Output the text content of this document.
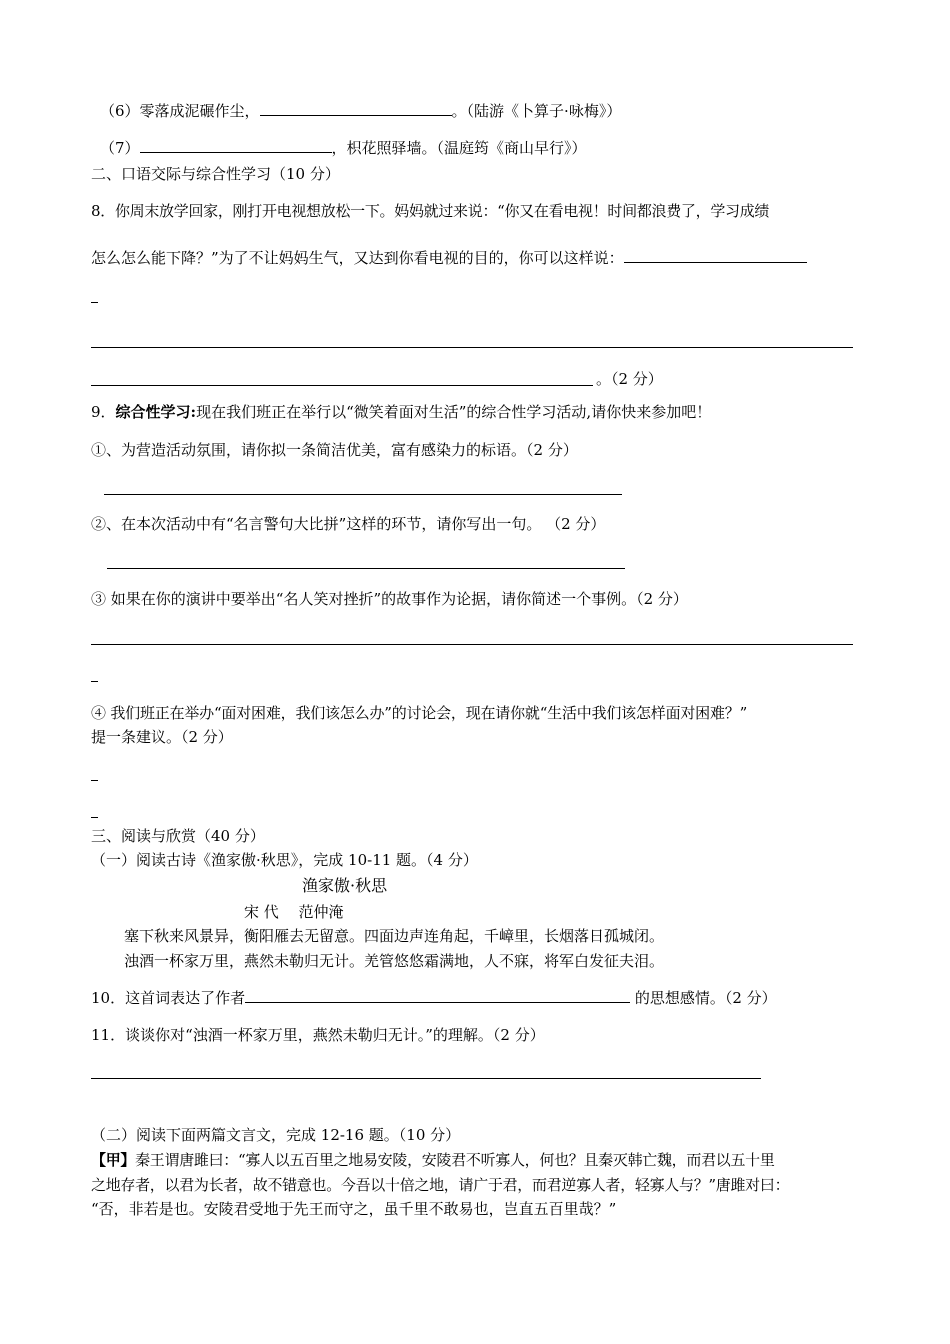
（6）零落成泥碾作尘，	。（陆游《卜算子·咏梅》）
（7）	，枳花照驿墙。（温庭筠《商山早行》）
二、口语交际与综合性学习（10 分）
8．你周末放学回家，刚打开电视想放松一下。妈妈就过来说：“你又在看电视！时间都浪费了，学习成绩
怎么怎么能下降？”为了不让妈妈生气，又达到你看电视的目的，你可以这样说：
。（2 分）
9．综合性学习:现在我们班正在举行以“微笑着面对生活”的综合性学习活动,请你快来参加吧！
①、为营造活动氛围，请你拟一条简洁优美，富有感染力的标语。（2 分）
②、在本次活动中有“名言警句大比拼”这样的环节，请你写出一句。 （2 分）
③ 如果在你的演讲中要举出“名人笑对挫折”的故事作为论据，请你简述一个事例。（2 分）
④ 我们班正在举办“面对困难，我们该怎么办”的讨论会，现在请你就“生活中我们该怎样面对困难？”
提一条建议。（2 分）
三、阅读与欣赏（40 分）
（一）阅读古诗《渔家傲·秋思》，完成 10-11 题。（4 分）
渔家傲·秋思
宋 代　 范仲淹
塞下秋来风景异，衡阳雁去无留意。四面边声连角起，千嶂里，长烟落日孤城闭。
浊酒一杯家万里，燕然未勒归无计。羌管悠悠霜满地，人不寐，将军白发征夫泪。
10．这首词表达了作者	的思想感情。（2 分）
11．谈谈你对“浊酒一杯家万里，燕然未勒归无计。”的理解。（2 分）
（二）阅读下面两篇文言文，完成 12-16 题。（10 分）
【甲】秦王谓唐雎曰：“寡人以五百里之地易安陵，安陵君不听寡人，何也？且秦灭韩亡魏，而君以五十里
之地存者，以君为长者，故不错意也。今吾以十倍之地，请广于君，而君逆寡人者，轻寡人与？”唐雎对曰：
“否，非若是也。安陵君受地于先王而守之，虽千里不敢易也，岂直五百里哉？”
